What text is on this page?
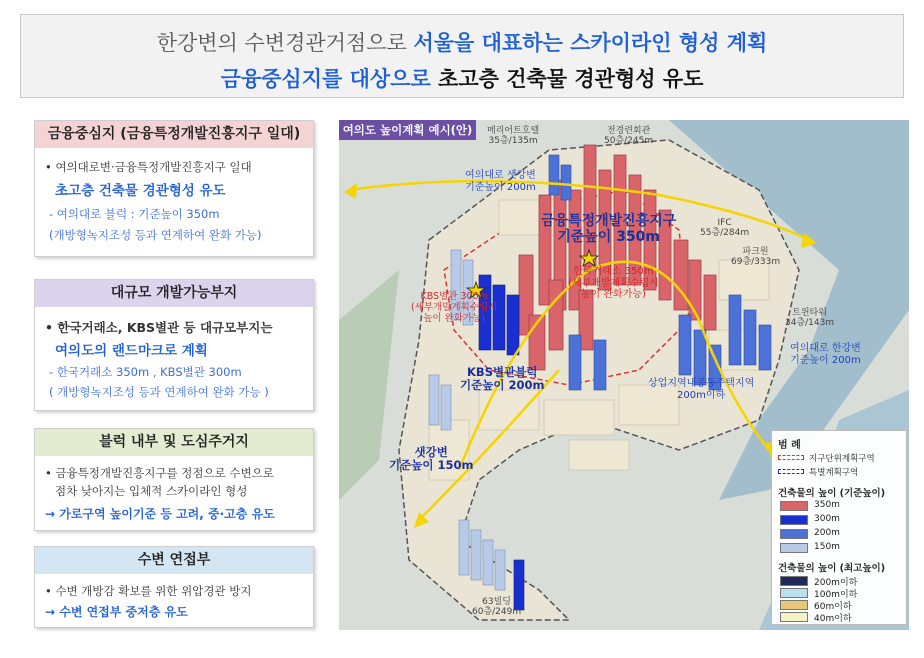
한강변의 수변경관거점으로 서울을 대표하는 스카이라인 형성 계획
금융중심지를 대상으로 초고층 건축물 경관형성 유도
금융중심지 (금융특정개발진흥지구 일대)
• 여의대로변·금융특정개발진흥지구 일대
초고층 건축물 경관형성 유도
- 여의대로 블럭 : 기준높이 350m
(개방형녹지조성 등과 연계하여 완화 가능)
대규모 개발가능부지
• 한국거래소, KBS별관 등 대규모부지는
여의도의 랜드마크로 계획
- 한국거래소 350m , KBS별관 300m
( 개방형녹지조성 등과 연계하여 완화 가능 )
블럭 내부 및 도심주거지
• 금융특정개발진흥지구를 정점으로 수변으로
점차 낮아지는 입체적 스카이라인 형성
→ 가로구역 높이기준 등 고려, 중·고층 유도
수변 연접부
• 수변 개방감 확보를 위한 위압경관 방지
→ 수변 연접부 중저층 유도
여의도 높이계획 예시(안)	메리어트호텔
35층/135m
전경련회관
50층/245m
여의대로 샛강변
기준높이 200m
금융특정개발진흥지구
기준높이 350m
IFC
55층/284m
파크원
69층/333m
한국거래소 350m
(세부개발계획수립시
높이 완화가능)
KBS별관 300m
(세부개발계획수립시
높이 완화가능)	트윈타워
34층/143m
여의대로 한강변
기준높이 200m
KBS별관블럭
기준높이 200m	상업지역내공동주택지역
200m이하
샛강변
기준높이 150m
63빌딩
60층/249m
범 례
지구단위계획구역
특별계획구역
건축물의 높이 (기준높이)
350m
300m
200m
150m
건축물의 높이 (최고높이)
200m이하
100m이하
60m이하
40m이하
